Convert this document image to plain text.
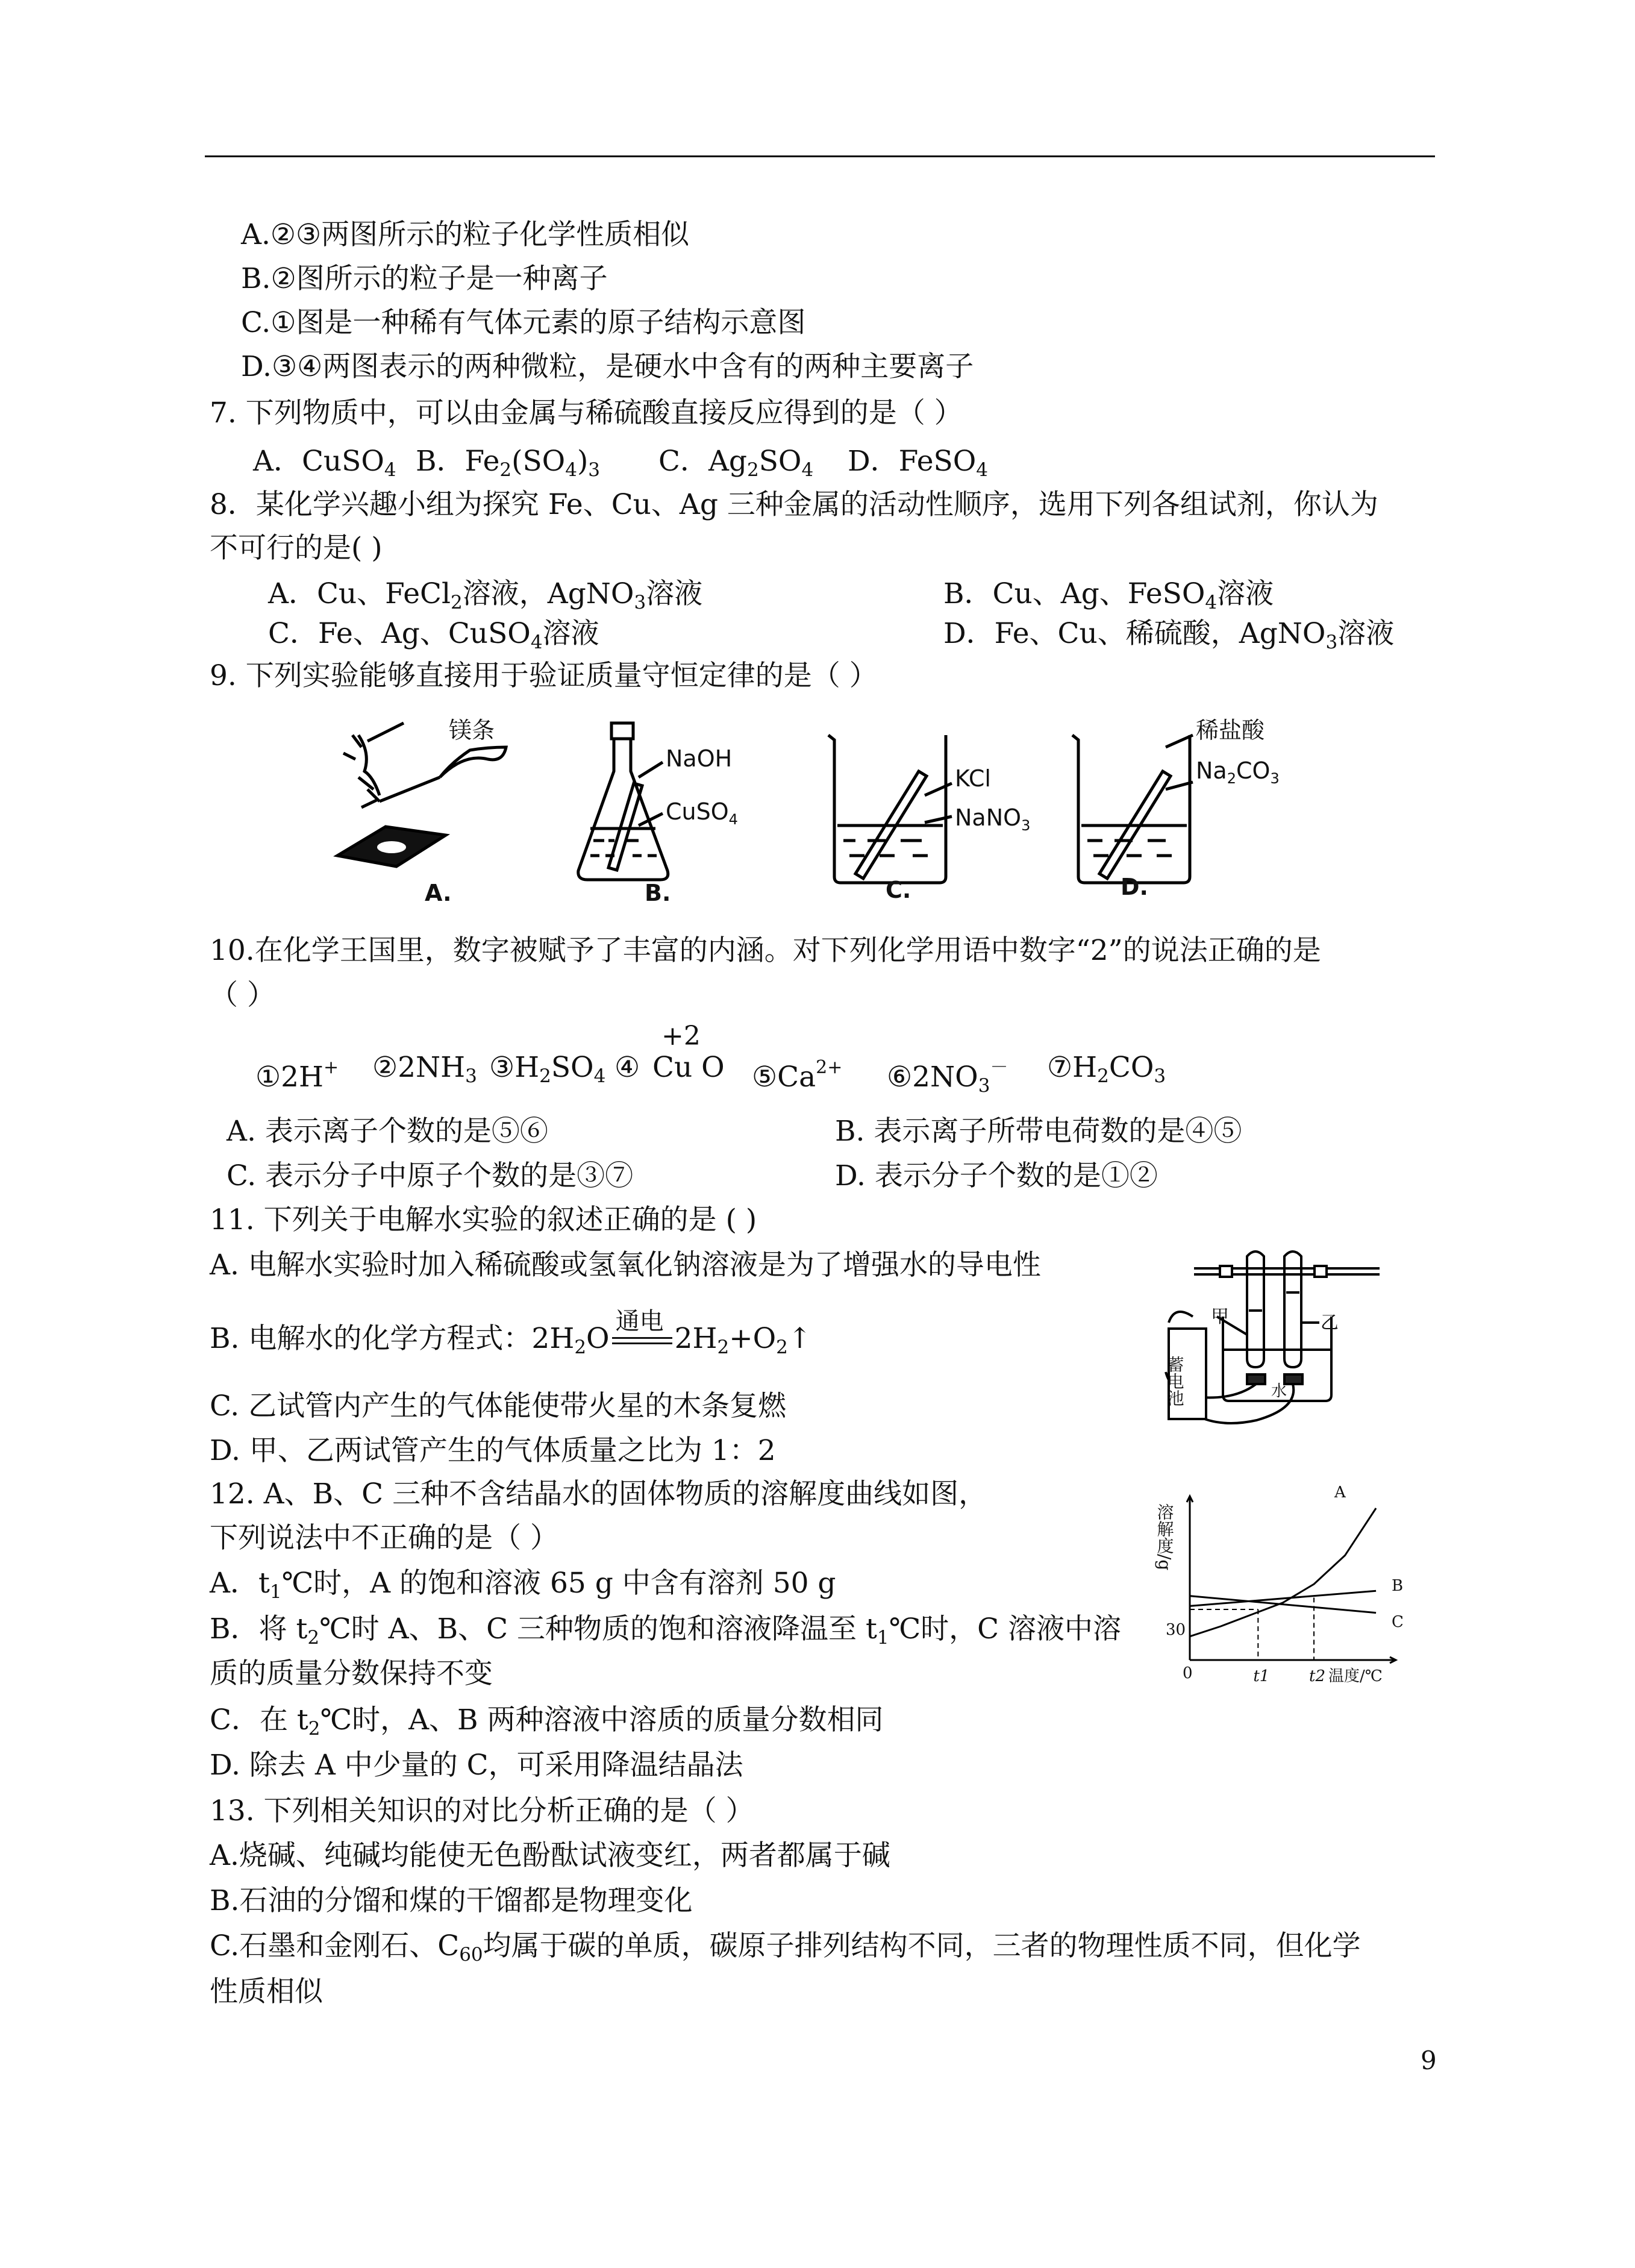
A.②③两图所示的粒子化学性质相似
B.②图所示的粒子是一种离子
C.①图是一种稀有气体元素的原子结构示意图
D.③④两图表示的两种微粒，是硬水中含有的两种主要离子
7. 下列物质中，可以由金属与稀硫酸直接反应得到的是（ ）
A．CuSO$_4$ B．$Fe_2(SO_4)_3$ C．$Ag_2SO_4$ D．FeSO$_4$
8．某化学兴趣小组为探究 Fe、Cu、Ag 三种金属的活动性顺序，选用下列各组试剂，你认为
不可行的是( )
A．Cu、FeCl$_2$溶液，AgNO$_3$溶液	B．Cu、Ag、FeSO$_4$溶液
C．Fe、Ag、CuSO$_4$溶液	D．Fe、Cu、稀硫酸，AgNO$_3$溶液
9. 下列实验能够直接用于验证质量守恒定律的是（ ）
镁条
NaOH
CuSO$_4$
KCl
NaNO$_3$
稀盐酸
$Na_2CO_3$
A.	B.	C.	D.
10.在化学王国里，数字被赋予了丰富的内涵。对下列化学用语中数字“2”的说法正确的是
（ ）
①2H+ $②2NH_3$ $③H_2SO_4$ ④
+2
Cu O $⑤Ca^{2+}$ $⑥2NO_3^-$ $⑦H_2CO_3$
A. 表示离子个数的是⑤⑥	B. 表示离子所带电荷数的是④⑤
C. 表示分子中原子个数的是③⑦	D. 表示分子个数的是①②
11. 下列关于电解水实验的叙述正确的是 ( )
A. 电解水实验时加入稀硫酸或氢氧化钠溶液是为了增强水的导电性
B. 电解水的化学方程式：$2H_2O$
通电
$2H_2+O_2↑$
C. 乙试管内产生的气体能使带火星的木条复燃
D. 甲、乙两试管产生的气体质量之比为 1：2
甲	乙
蓄电池	水
12. A、B、C 三种不含结晶水的固体物质的溶解度曲线如图，
下列说法中不正确的是（ ）
A．$t_1℃$时，A 的饱和溶液 65 g 中含有溶剂 50 g
B．将 $t_2℃$时 A、B、C 三种物质的饱和溶液降温至 $t_1℃$时，C 溶液中溶
质的质量分数保持不变
C．在 $t_2℃$时，A、B 两种溶液中溶质的质量分数相同
D. 除去 A 中少量的 C，可采用降温结晶法
溶解度/g
30
0	t1	t2 温度/℃
A
B
C
13. 下列相关知识的对比分析正确的是（ ）
A.烧碱、纯碱均能使无色酚酞试液变红，两者都属于碱
B.石油的分馏和煤的干馏都是物理变化
C.石墨和金刚石、$C_{60}$均属于碳的单质，碳原子排列结构不同，三者的物理性质不同，但化学
性质相似
9
